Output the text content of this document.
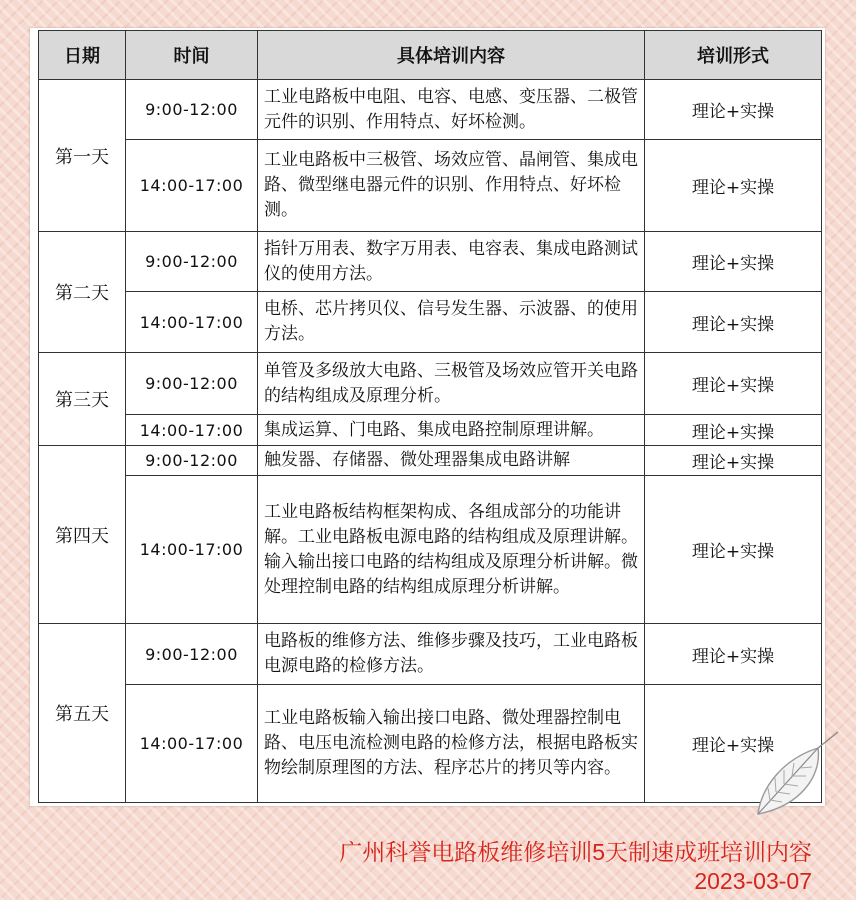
日期	时间	具体培训内容	培训形式
第一天	9:00-12:00	工业电路板中电阻、电容、电感、变压器、二极管元件的识别、作用特点、好坏检测。	理论+实操
	14:00-17:00	工业电路板中三极管、场效应管、晶闸管、集成电路、微型继电器元件的识别、作用特点、好坏检测。	理论+实操
第二天	9:00-12:00	指针万用表、数字万用表、电容表、集成电路测试仪的使用方法。	理论+实操
	14:00-17:00	电桥、芯片拷贝仪、信号发生器、示波器、的使用方法。	理论+实操
第三天	9:00-12:00	单管及多级放大电路、三极管及场效应管开关电路的结构组成及原理分析。	理论+实操
	14:00-17:00	集成运算、门电路、集成电路控制原理讲解。	理论+实操
第四天	9:00-12:00	触发器、存储器、微处理器集成电路讲解	理论+实操
	14:00-17:00	工业电路板结构框架构成、各组成部分的功能讲解。工业电路板电源电路的结构组成及原理讲解。输入输出接口电路的结构组成及原理分析讲解。微处理控制电路的结构组成原理分析讲解。	理论+实操
第五天	9:00-12:00	电路板的维修方法、维修步骤及技巧，工业电路板电源电路的检修方法。	理论+实操
	14:00-17:00	工业电路板输入输出接口电路、微处理器控制电路、电压电流检测电路的检修方法，根据电路板实物绘制原理图的方法、程序芯片的拷贝等内容。	理论+实操
广州科誉电路板维修培训5天制速成班培训内容
2023-03-07
